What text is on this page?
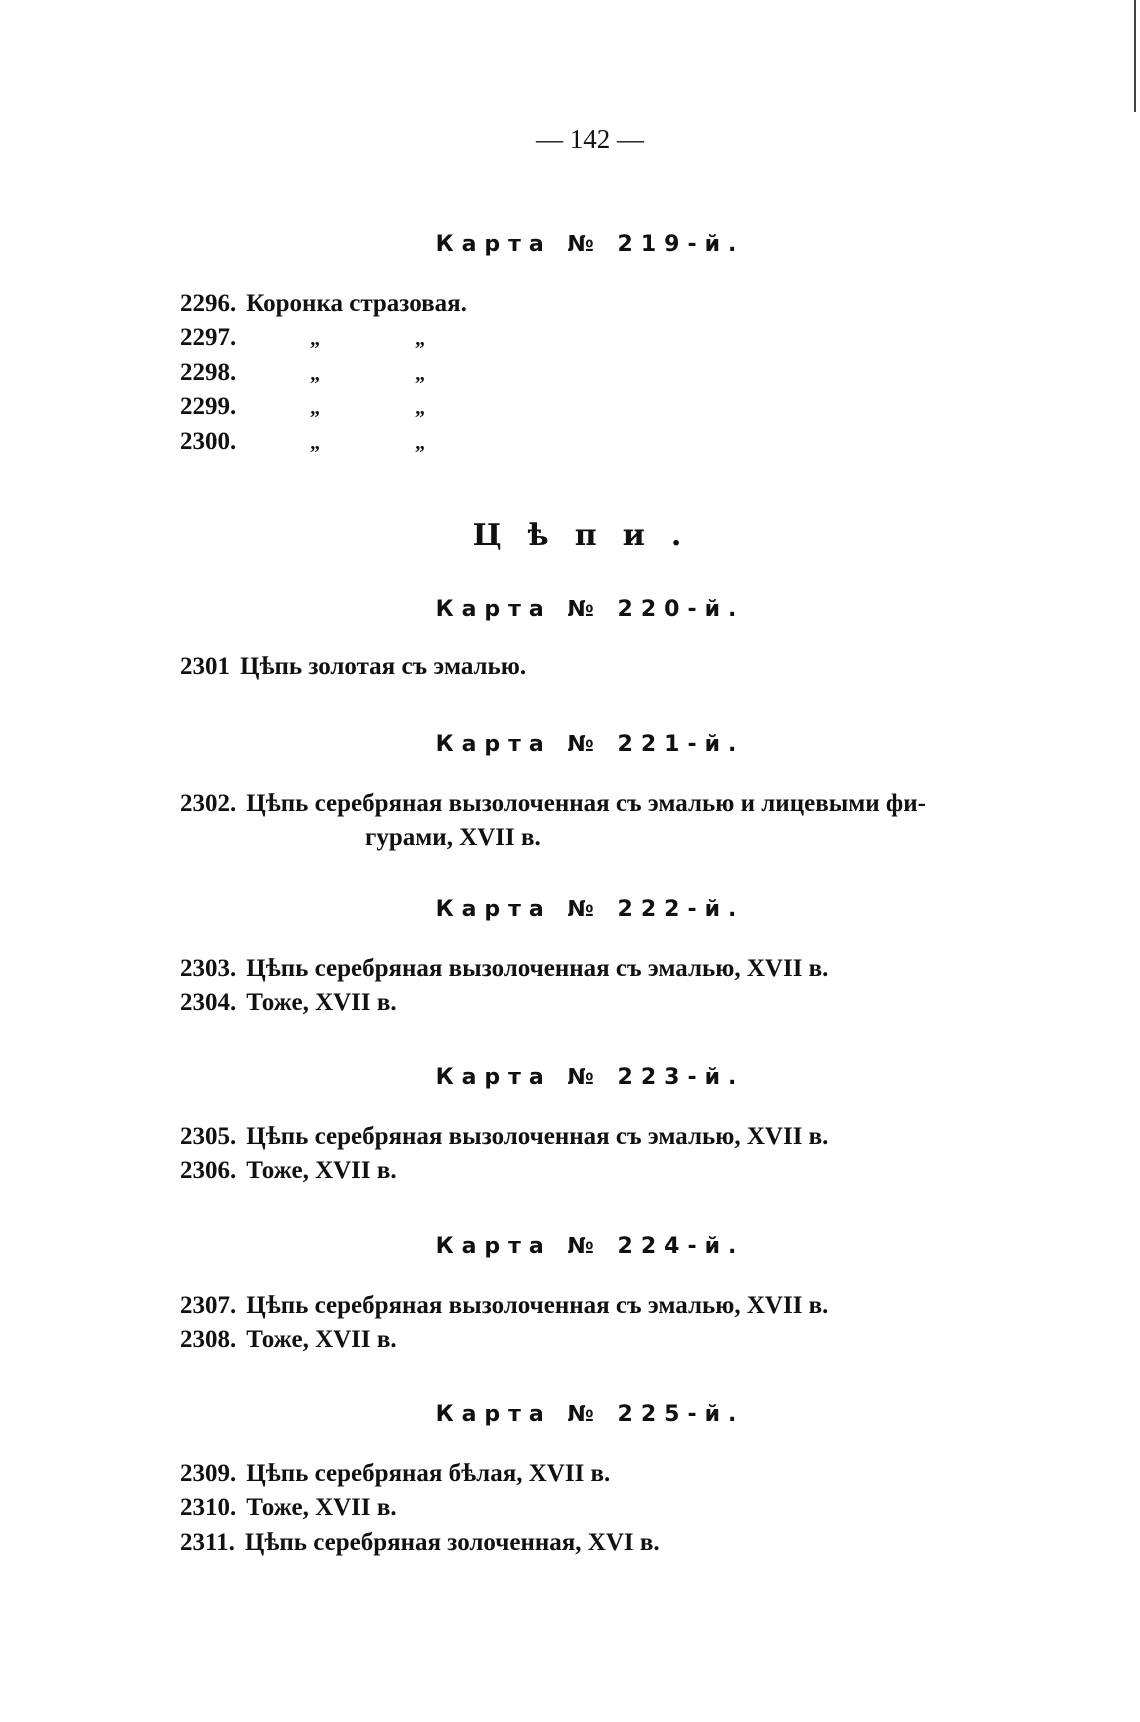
— 142 —
Карта № 219-й.
2296. Коронка стразовая.
2297.	„	„
2298.	„	„
2299.	„	„
2300.	„	„
Цѣпи.
Карта № 220-й.
2301 Цѣпь золотая съ эмалью.
Карта № 221-й.
2302. Цѣпь серебряная вызолоченная съ эмалью и лицевыми фи-
гурами, XVII в.
Карта № 222-й.
2303. Цѣпь серебряная вызолоченная съ эмалью, XVII в.
2304. Тоже, XVII в.
Карта № 223-й.
2305. Цѣпь серебряная вызолоченная съ эмалью, XVII в.
2306. Тоже, XVII в.
Карта № 224-й.
2307. Цѣпь серебряная вызолоченная съ эмалью, XVII в.
2308. Тоже, XVII в.
Карта № 225-й.
2309. Цѣпь серебряная бѣлая, XVII в.
2310. Тоже, XVII в.
2311. Цѣпь серебряная золоченная, XVI в.
